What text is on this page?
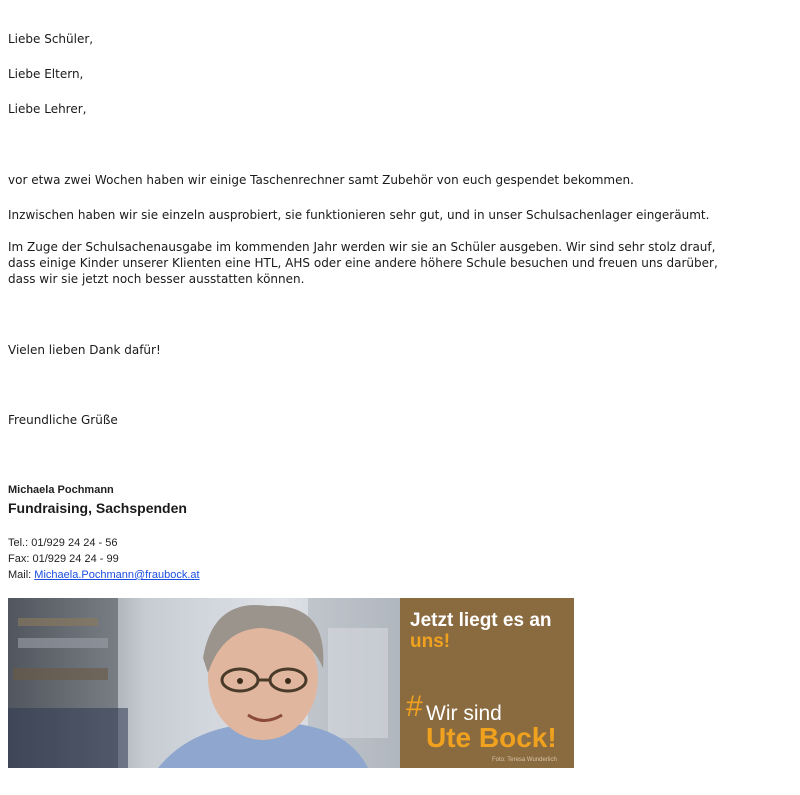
Liebe Schüler,

Liebe Eltern,

Liebe Lehrer,

vor etwa zwei Wochen haben wir einige Taschenrechner samt Zubehör von euch gespendet bekommen.

Inzwischen haben wir sie einzeln ausprobiert, sie funktionieren sehr gut, und in unser Schulsachenlager eingeräumt.

Im Zuge der Schulsachenausgabe im kommenden Jahr werden wir sie an Schüler ausgeben. Wir sind sehr stolz drauf, dass einige Kinder unserer Klienten eine HTL, AHS oder eine andere höhere Schule besuchen und freuen uns darüber, dass wir sie jetzt noch besser ausstatten können.

Vielen lieben Dank dafür!

Freundliche Grüße

Michaela Pochmann
Fundraising, Sachspenden
Tel.: 01/929 24 24 - 56
Fax: 01/929 24 24 - 99
Mail: Michaela.Pochmann@fraubock.at
Jetzt liegt es an
uns!
# Wir sind
Ute Bock!
Foto: Teresa Wunderlich
